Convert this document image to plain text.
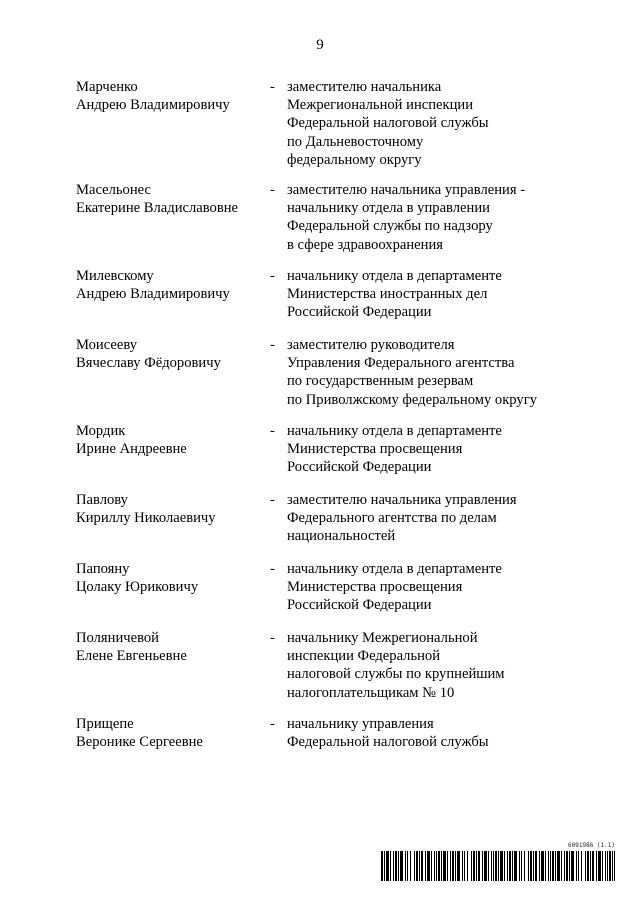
9
Марченко
Андрею Владимировичу
- заместителю начальника
Межрегиональной инспекции
Федеральной налоговой службы
по Дальневосточному
федеральному округу
Масельонес
Екатерине Владиславовне
- заместителю начальника управления -
начальнику отдела в управлении
Федеральной службы по надзору
в сфере здравоохранения
Милевскому
Андрею Владимировичу
- начальнику отдела в департаменте
Министерства иностранных дел
Российской Федерации
Моисееву
Вячеславу Фёдоровичу
- заместителю руководителя
Управления Федерального агентства
по государственным резервам
по Приволжскому федеральному округу
Мордик
Ирине Андреевне
- начальнику отдела в департаменте
Министерства просвещения
Российской Федерации
Павлову
Кириллу Николаевичу
- заместителю начальника управления
Федерального агентства по делам
национальностей
Папояну
Цолаку Юриковичу
- начальнику отдела в департаменте
Министерства просвещения
Российской Федерации
Поляничевой
Елене Евгеньевне
- начальнику Межрегиональной
инспекции Федеральной
налоговой службы по крупнейшим
налогоплательщикам № 10
Прищепе
Веронике Сергеевне
- начальнику управления
Федеральной налоговой службы
6091986 (1.1)
